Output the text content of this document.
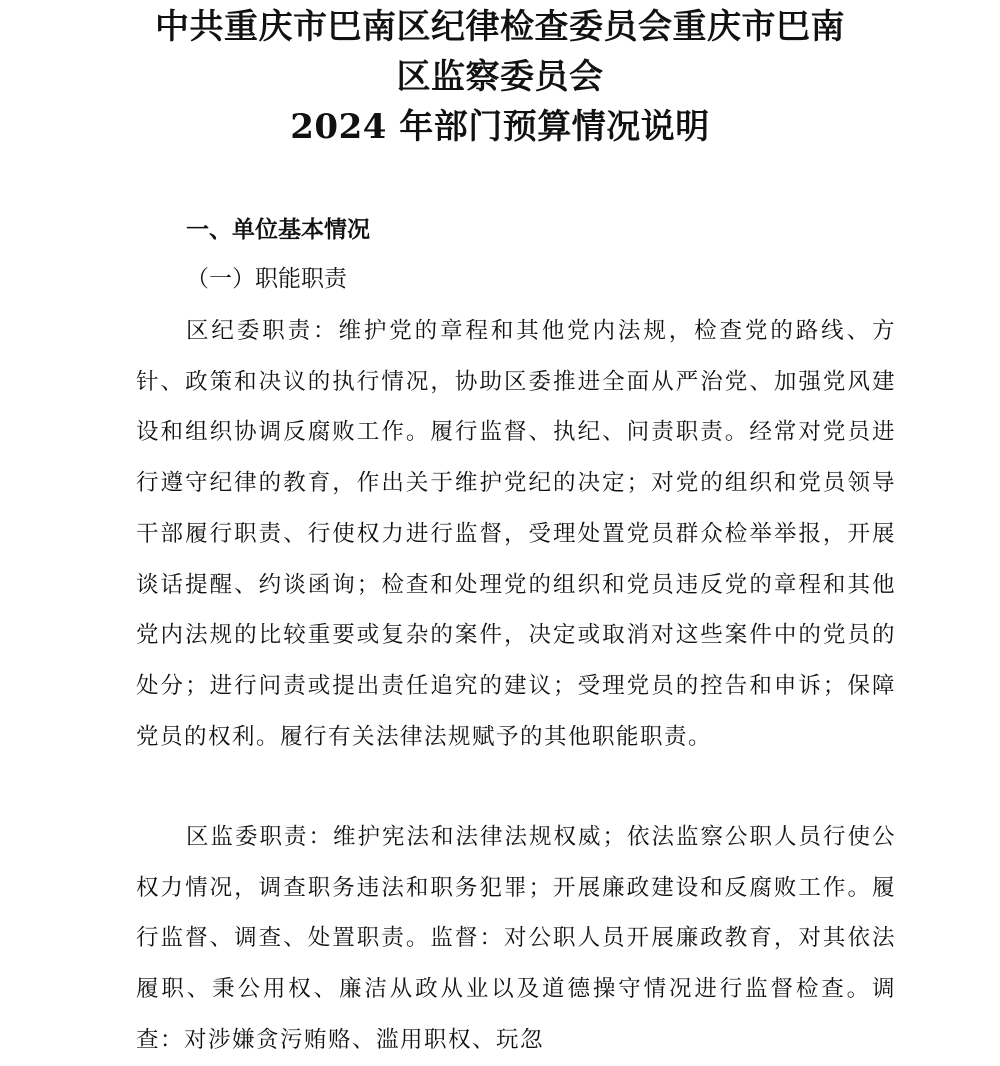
中共重庆市巴南区纪律检查委员会重庆市巴南
区监察委员会
2024 年部门预算情况说明
一、单位基本情况
（一）职能职责

区纪委职责：维护党的章程和其他党内法规，检查党的路线、方针、政策和决议的执行情况，协助区委推进全面从严治党、加强党风建设和组织协调反腐败工作。履行监督、执纪、问责职责。经常对党员进行遵守纪律的教育，作出关于维护党纪的决定；对党的组织和党员领导干部履行职责、行使权力进行监督，受理处置党员群众检举举报，开展谈话提醒、约谈函询；检查和处理党的组织和党员违反党的章程和其他党内法规的比较重要或复杂的案件，决定或取消对这些案件中的党员的处分；进行问责或提出责任追究的建议；受理党员的控告和申诉；保障党员的权利。履行有关法律法规赋予的其他职能职责。

区监委职责：维护宪法和法律法规权威；依法监察公职人员行使公权力情况，调查职务违法和职务犯罪；开展廉政建设和反腐败工作。履行监督、调查、处置职责。监督：对公职人员开展廉政教育，对其依法履职、秉公用权、廉洁从政从业以及道德操守情况进行监督检查。调查：对涉嫌贪污贿赂、滥用职权、玩忽
